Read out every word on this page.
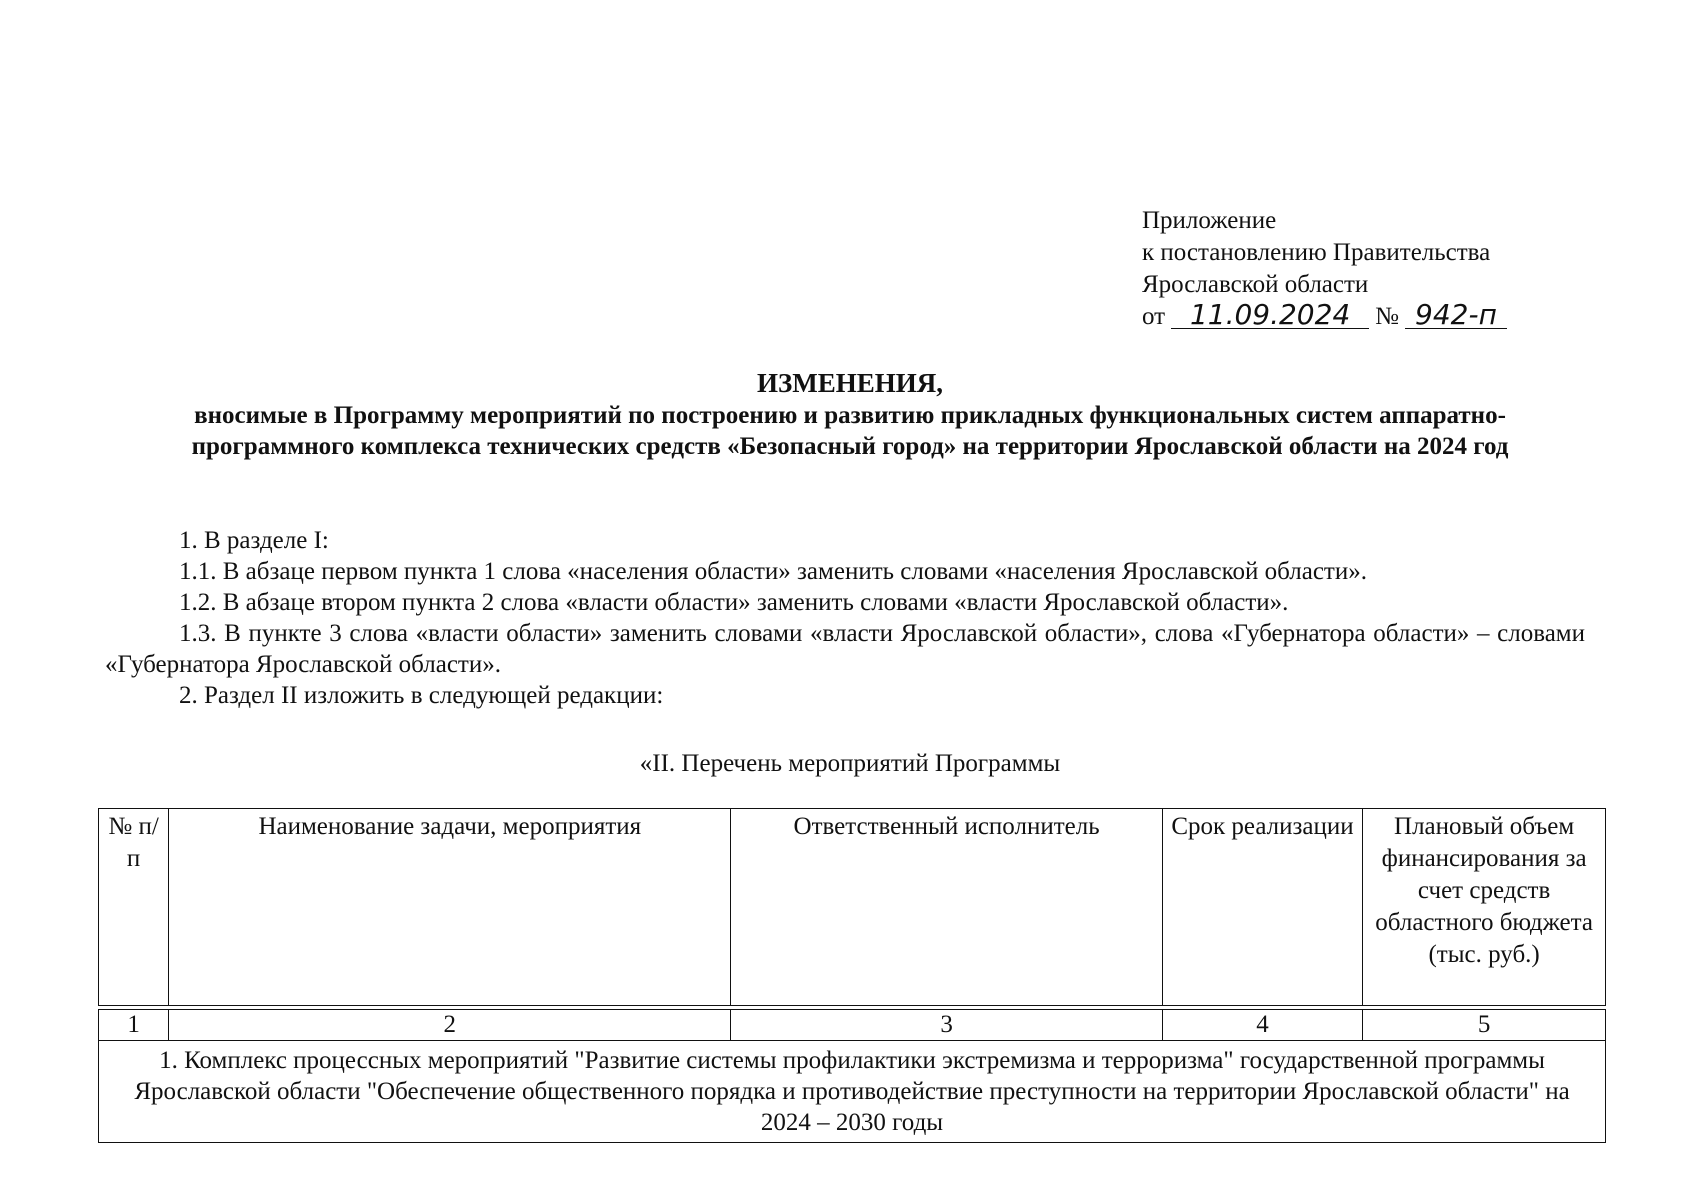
Приложение
к постановлению Правительства
Ярославской области
от 11.09.2024 № 942-п
ИЗМЕНЕНИЯ,
вносимые в Программу мероприятий по построению и развитию прикладных функциональных систем аппаратно-программного комплекса технических средств «Безопасный город» на территории Ярославской области на 2024 год

1. В разделе I:

1.1. В абзаце первом пункта 1 слова «населения области» заменить словами «населения Ярославской области».

1.2. В абзаце втором пункта 2 слова «власти области» заменить словами «власти Ярославской области».

1.3. В пункте 3 слова «власти области» заменить словами «власти Ярославской области», слова «Губернатора области» – словами «Губернатора Ярославской области».

2. Раздел II изложить в следующей редакции:

«II. Перечень мероприятий Программы
№ п/п	Наименование задачи, мероприятия	Ответственный исполнитель	Срок реализации	Плановый объем финансирования за счет средств областного бюджета (тыс. руб.)

1	2	3	4	5
1. Комплекс процессных мероприятий "Развитие системы профилактики экстремизма и терроризма" государственной программы Ярославской области "Обеспечение общественного порядка и противодействие преступности на территории Ярославской области" на 2024 – 2030 годы				
